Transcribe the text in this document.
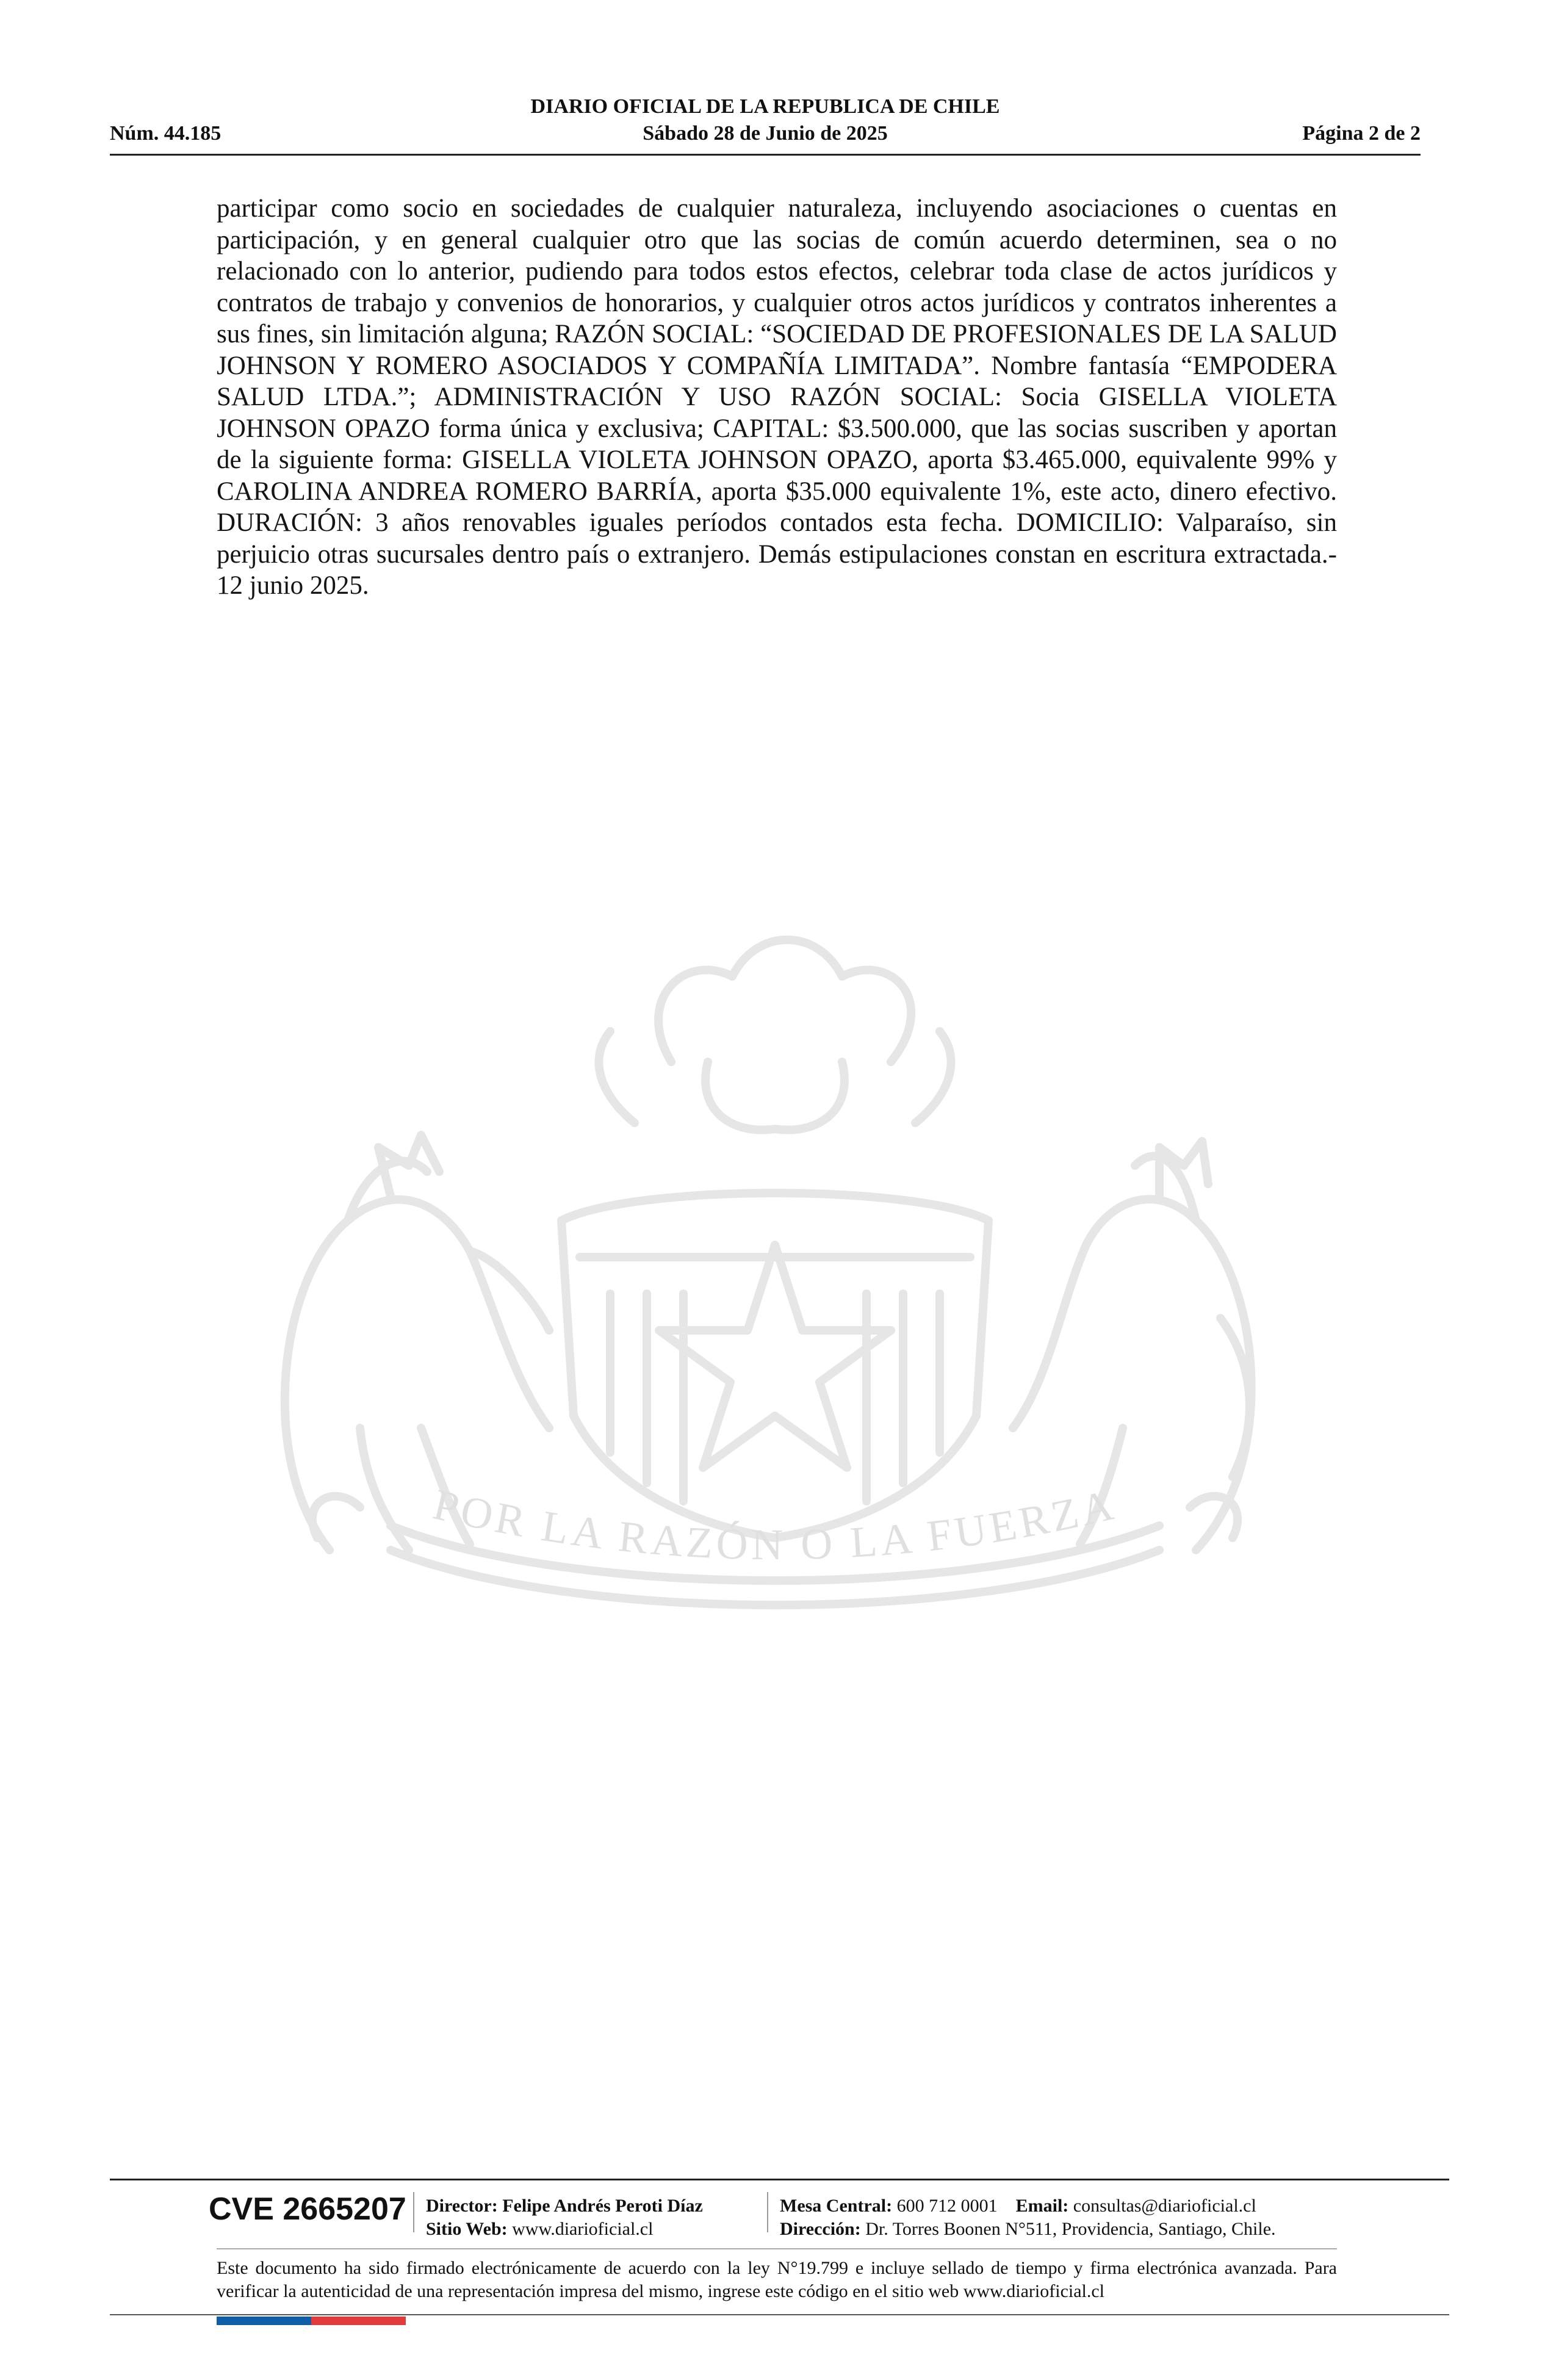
DIARIO OFICIAL DE LA REPUBLICA DE CHILE
Núm. 44.185	Sábado 28 de Junio de 2025	Página 2 de 2
participar como socio en sociedades de cualquier naturaleza, incluyendo asociaciones o cuentas en participación, y en general cualquier otro que las socias de común acuerdo determinen, sea o no relacionado con lo anterior, pudiendo para todos estos efectos, celebrar toda clase de actos jurídicos y contratos de trabajo y convenios de honorarios, y cualquier otros actos jurídicos y contratos inherentes a sus fines, sin limitación alguna; RAZÓN SOCIAL: “SOCIEDAD DE PROFESIONALES DE LA SALUD JOHNSON Y ROMERO ASOCIADOS Y COMPAÑÍA LIMITADA”. Nombre fantasía “EMPODERA SALUD LTDA.”; ADMINISTRACIÓN Y USO RAZÓN SOCIAL: Socia GISELLA VIOLETA JOHNSON OPAZO forma única y exclusiva; CAPITAL: $3.500.000, que las socias suscriben y aportan de la siguiente forma: GISELLA VIOLETA JOHNSON OPAZO, aporta $3.465.000, equivalente 99% y CAROLINA ANDREA ROMERO BARRÍA, aporta $35.000 equivalente 1%, este acto, dinero efectivo. DURACIÓN: 3 años renovables iguales períodos contados esta fecha. DOMICILIO: Valparaíso, sin perjuicio otras sucursales dentro país o extranjero. Demás estipulaciones constan en escritura extractada.- 12 junio 2025.
POR LA RAZÓN O LA FUERZA
CVE 2665207 Director: Felipe Andrés Peroti Díaz
Sitio Web: www.diarioficial.cl
Mesa Central: 600 712 0001 Email: consultas@diarioficial.cl
Dirección: Dr. Torres Boonen N°511, Providencia, Santiago, Chile.
Este documento ha sido firmado electrónicamente de acuerdo con la ley N°19.799 e incluye sellado de tiempo y firma electrónica avanzada. Para verificar la autenticidad de una representación impresa del mismo, ingrese este código en el sitio web www.diarioficial.cl
